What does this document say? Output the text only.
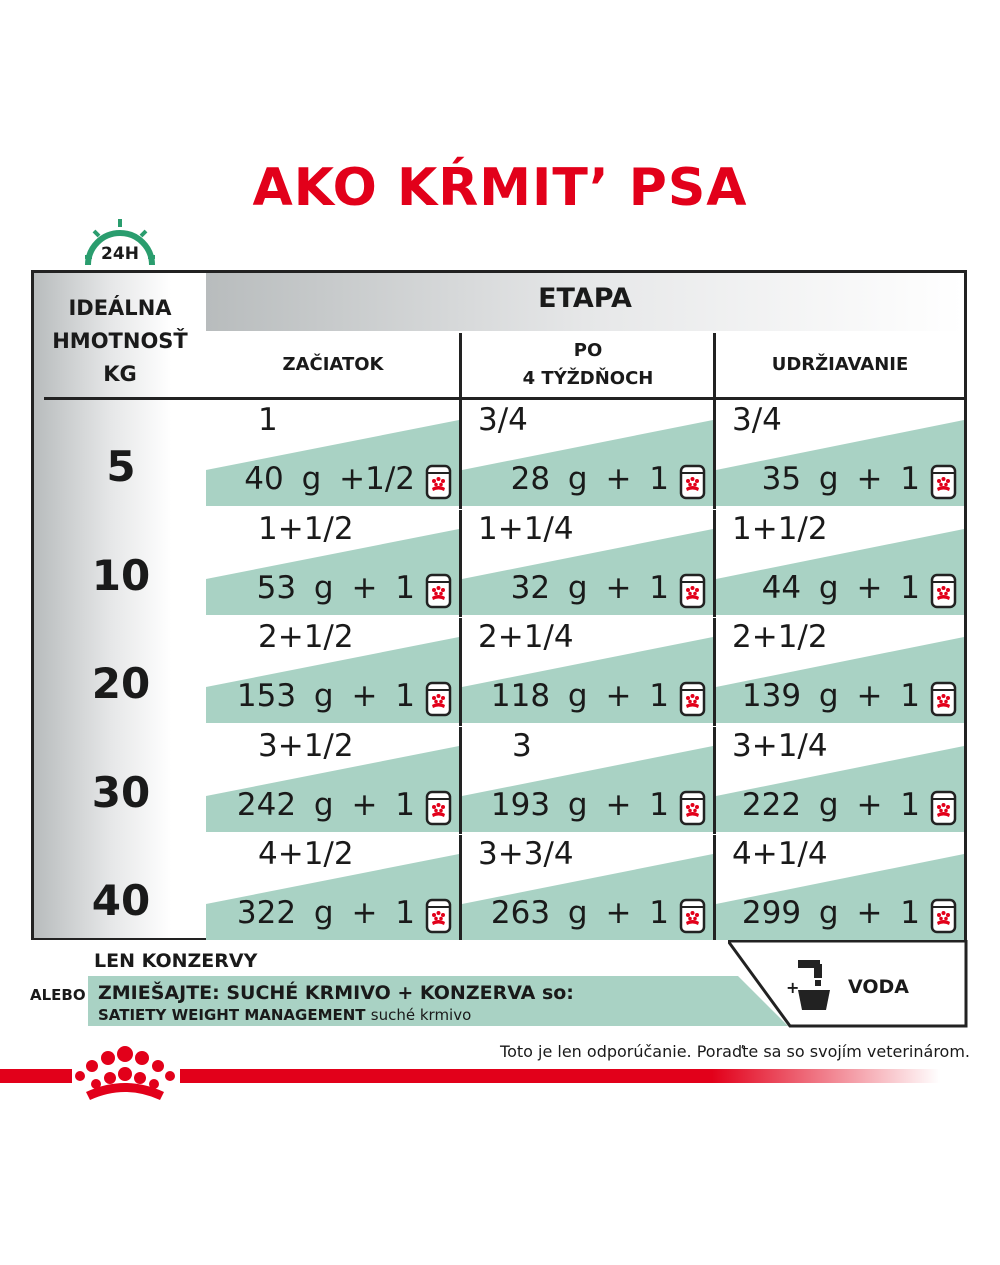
AKO KŔMIT’ PSA
24H
IDEÁLNA
HMOTNOSŤ
KG
ETAPA
ZAČIATOK
PO
4 TÝŽDŇOCH
UDRŽIAVANIE
5
1
40 g +1/2
3/4
28 g + 1
3/4
35 g + 1
10
1+1/2
53 g + 1
1+1/4
32 g + 1
1+1/2
44 g + 1
20
2+1/2
153 g + 1
2+1/4
118 g + 1
2+1/2
139 g + 1
30
3+1/2
242 g + 1
3
193 g + 1
3+1/4
222 g + 1
40
4+1/2
322 g + 1
3+3/4
263 g + 1
4+1/4
299 g + 1
LEN KONZERVY
ALEBO ZMIEŠAJTE: SUCHÉ KRMIVO + KONZERVA so:
SATIETY WEIGHT MANAGEMENT suché krmivo
+	VODA
Toto je len odporúčanie. Poraďte sa so svojím veterinárom.
